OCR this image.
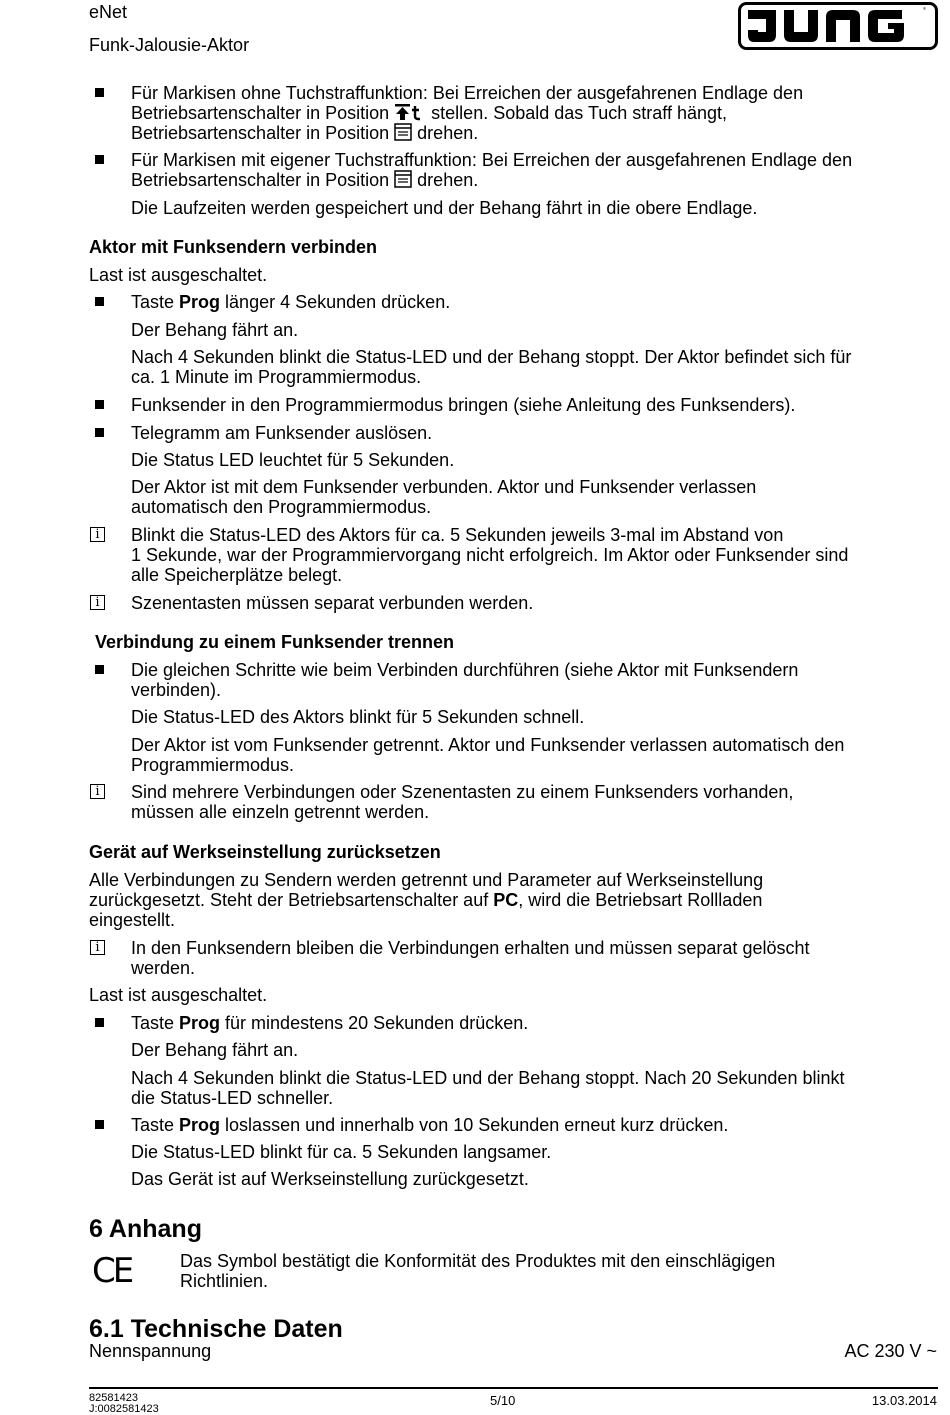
eNet
Funk-Jalousie-Aktor
®
Für Markisen ohne Tuchstraffunktion: Bei Erreichen der ausgefahrenen Endlage den
Betriebsartenschalter in Position stellen. Sobald das Tuch straff hängt,
Betriebsartenschalter in Position drehen.
Für Markisen mit eigener Tuchstraffunktion: Bei Erreichen der ausgefahrenen Endlage den
Betriebsartenschalter in Position drehen.
Die Laufzeiten werden gespeichert und der Behang fährt in die obere Endlage.
Aktor mit Funksendern verbinden
Last ist ausgeschaltet.
Taste Prog länger 4 Sekunden drücken.
Der Behang fährt an.
Nach 4 Sekunden blinkt die Status-LED und der Behang stoppt. Der Aktor befindet sich für
ca. 1 Minute im Programmiermodus.
Funksender in den Programmiermodus bringen (siehe Anleitung des Funksenders).
Telegramm am Funksender auslösen.
Die Status LED leuchtet für 5 Sekunden.
Der Aktor ist mit dem Funksender verbunden. Aktor und Funksender verlassen
automatisch den Programmiermodus.
i	Blinkt die Status-LED des Aktors für ca. 5 Sekunden jeweils 3-mal im Abstand von
1 Sekunde, war der Programmiervorgang nicht erfolgreich. Im Aktor oder Funksender sind
alle Speicherplätze belegt.
i	Szenentasten müssen separat verbunden werden.
Verbindung zu einem Funksender trennen
Die gleichen Schritte wie beim Verbinden durchführen (siehe Aktor mit Funksendern
verbinden).
Die Status-LED des Aktors blinkt für 5 Sekunden schnell.
Der Aktor ist vom Funksender getrennt. Aktor und Funksender verlassen automatisch den
Programmiermodus.
i	Sind mehrere Verbindungen oder Szenentasten zu einem Funksenders vorhanden,
müssen alle einzeln getrennt werden.
Gerät auf Werkseinstellung zurücksetzen
Alle Verbindungen zu Sendern werden getrennt und Parameter auf Werkseinstellung
zurückgesetzt. Steht der Betriebsartenschalter auf PC, wird die Betriebsart Rollladen
eingestellt.
i	In den Funksendern bleiben die Verbindungen erhalten und müssen separat gelöscht
werden.
Last ist ausgeschaltet.
Taste Prog für mindestens 20 Sekunden drücken.
Der Behang fährt an.
Nach 4 Sekunden blinkt die Status-LED und der Behang stoppt. Nach 20 Sekunden blinkt
die Status-LED schneller.
Taste Prog loslassen und innerhalb von 10 Sekunden erneut kurz drücken.
Die Status-LED blinkt für ca. 5 Sekunden langsamer.
Das Gerät ist auf Werkseinstellung zurückgesetzt.
6 Anhang
CE	Das Symbol bestätigt die Konformität des Produktes mit den einschlägigen
Richtlinien.
6.1 Technische Daten
Nennspannung	AC 230 V ~
82581423
J:0082581423
5/10	13.03.2014
